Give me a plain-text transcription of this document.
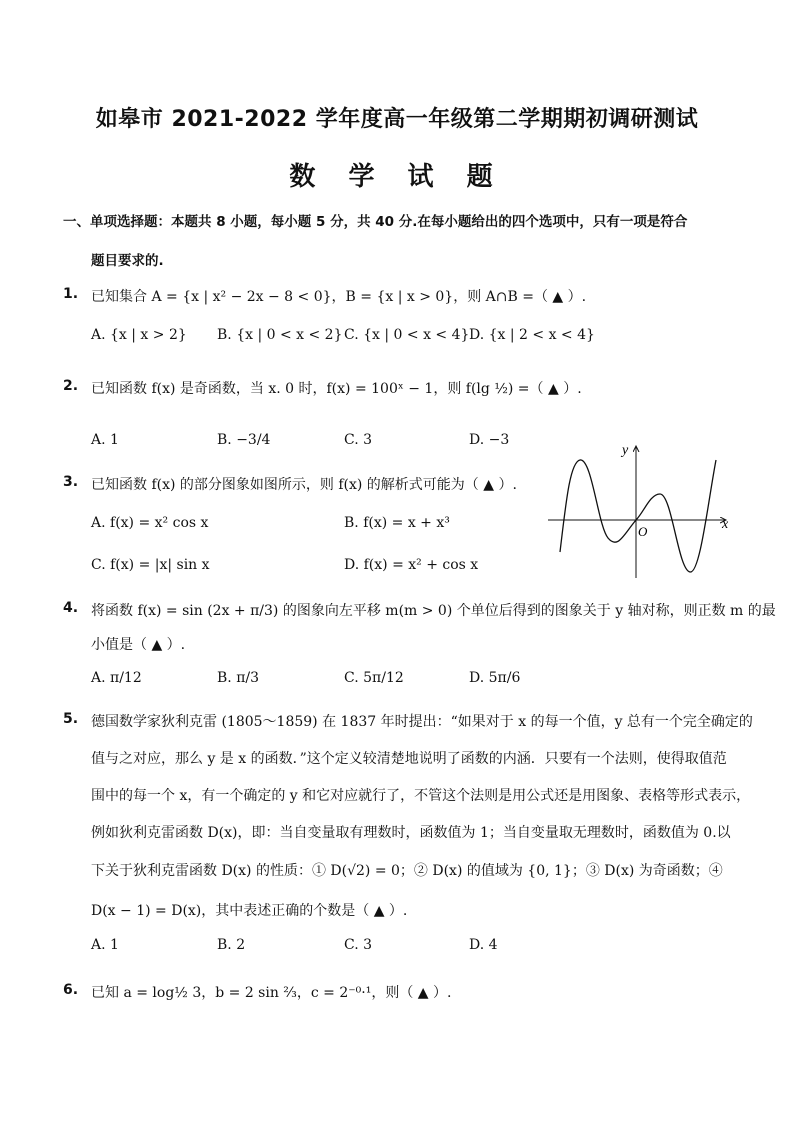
如皋市 2021-2022 学年度高一年级第二学期期初调研测试
数 学 试 题
一、单项选择题：本题共 8 小题，每小题 5 分，共 40 分.在每小题给出的四个选项中，只有一项是符合
题目要求的.
1. 已知集合 A = {x | x² − 2x − 8 < 0}，B = {x | x > 0}，则 A∩B =（ ▲ ）.
A. {x | x > 2} B. {x | 0 < x < 2} C. {x | 0 < x < 4} D. {x | 2 < x < 4}
2. 已知函数 f(x) 是奇函数，当 x. 0 时，f(x) = 100ˣ − 1，则 f(lg ½) =（ ▲ ）.
A. 1	B. −3/4	C. 3	D. −3
3. 已知函数 f(x) 的部分图象如图所示，则 f(x) 的解析式可能为（ ▲ ）.
A. f(x) = x² cos x	B. f(x) = x + x³
C. f(x) = |x| sin x	D. f(x) = x² + cos x
y
x
O
4. 将函数 f(x) = sin (2x + π/3) 的图象向左平移 m(m > 0) 个单位后得到的图象关于 y 轴对称，则正数 m 的最
小值是（ ▲ ）.
A. π/12	B. π/3	C. 5π/12	D. 5π/6
5. 德国数学家狄利克雷 (1805～1859) 在 1837 年时提出：“如果对于 x 的每一个值，y 总有一个完全确定的
值与之对应，那么 y 是 x 的函数．”这个定义较清楚地说明了函数的内涵．只要有一个法则，使得取值范
围中的每一个 x，有一个确定的 y 和它对应就行了，不管这个法则是用公式还是用图象、表格等形式表示，
例如狄利克雷函数 D(x)，即：当自变量取有理数时，函数值为 1；当自变量取无理数时，函数值为 0.以
下关于狄利克雷函数 D(x) 的性质：① D(√2) = 0；② D(x) 的值域为 {0, 1}；③ D(x) 为奇函数；④
D(x − 1) = D(x)，其中表述正确的个数是（ ▲ ）.
A. 1	B. 2	C. 3	D. 4
6. 已知 a = log½ 3，b = 2 sin ⅔，c = 2⁻⁰·¹，则（ ▲ ）.
